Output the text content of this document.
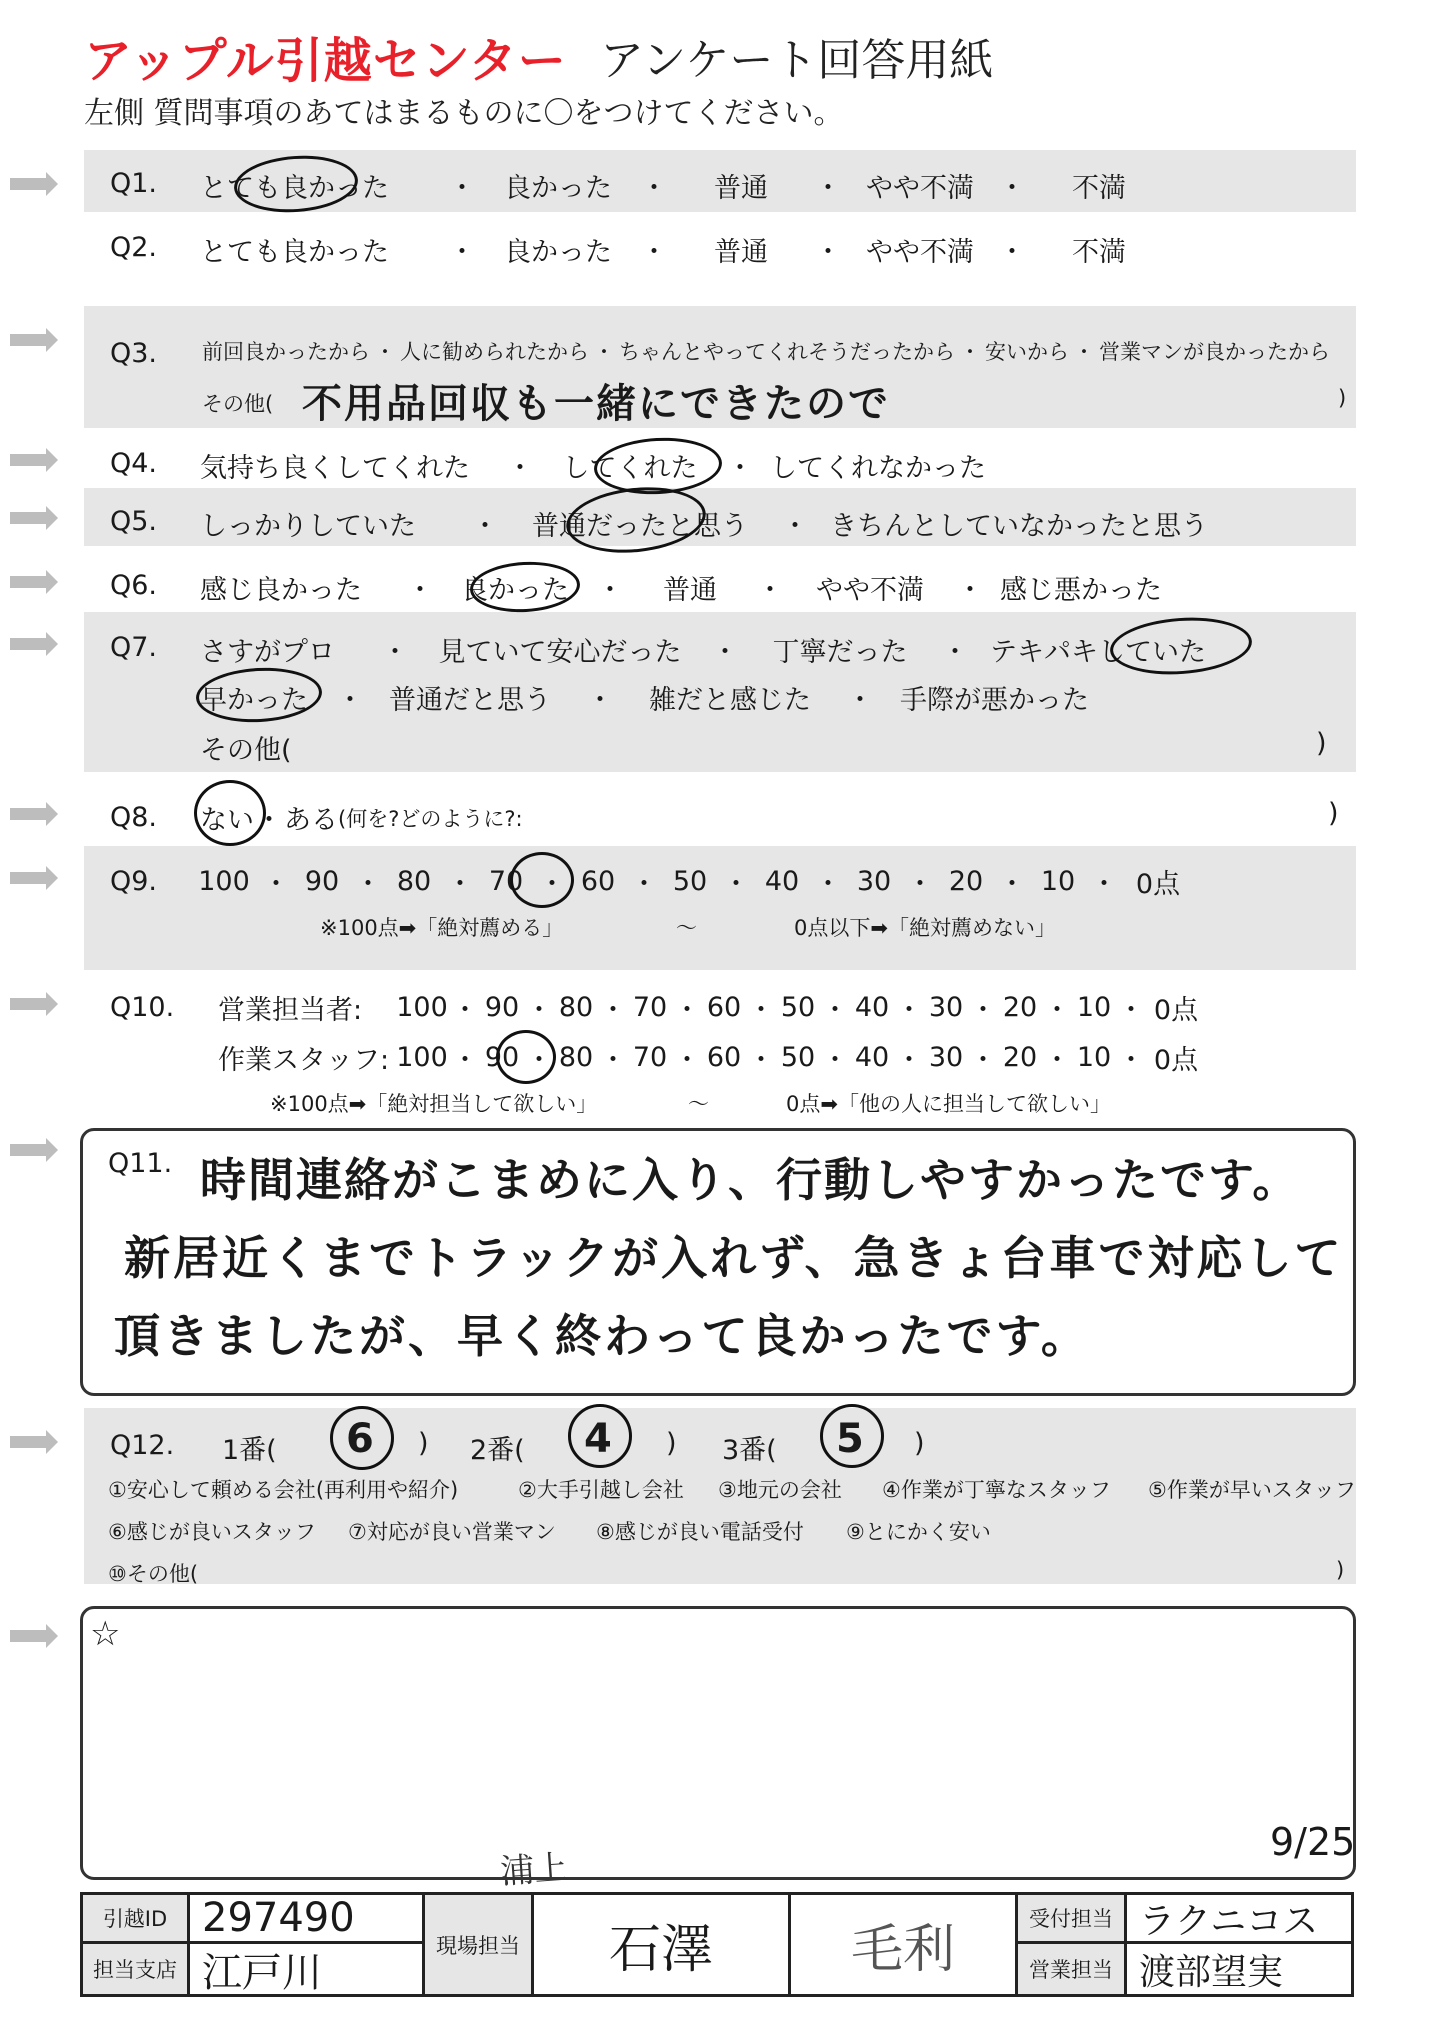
アップル引越センター アンケート回答用紙
左側 質問事項のあてはまるものに〇をつけてください。
Q1. とても良かった	・	良かった	・	普通	・ やや不満 ・	不満
Q2. とても良かった	・	良かった	・	普通	・ やや不満 ・	不満
Q3. 前回良かったから ・ 人に勧められたから ・ ちゃんとやってくれそうだったから ・ 安いから ・ 営業マンが良かったから
その他( 不用品回収も一緒にできたので	)
Q4. 気持ち良くしてくれた	・	してくれた	・ してくれなかった
Q5. しっかりしていた	・	普通だったと思う	・ きちんとしていなかったと思う
Q6. 感じ良かった	・	良かった	・	普通	・	やや不満	・ 感じ悪かった
Q7. さすがプロ	・	見ていて安心だった	・	丁寧だった	・ テキパキしていた
早かった	・ 普通だと思う	・	雑だと感じた	・ 手際が悪かった
その他(	)
Q8. ない ・ ある (何を?どのように?:	)
Q9. 100 ・ 90 ・ 80 ・ 70 ・ 60 ・ 50 ・ 40 ・ 30 ・ 20 ・ 10 ・ 0点
※100点➡「絶対薦める」	～	0点以下➡「絶対薦めない」
Q10. 営業担当者:	100 ・ 90 ・ 80 ・ 70 ・ 60 ・ 50 ・ 40 ・ 30 ・ 20 ・ 10 ・ 0点
作業スタッフ: 100 ・ 90 ・ 80 ・ 70 ・ 60 ・ 50 ・ 40 ・ 30 ・ 20 ・ 10 ・ 0点
※100点➡「絶対担当して欲しい」	～	0点➡「他の人に担当して欲しい」
Q11. 時間連絡がこまめに入り、行動しやすかったです。
新居近くまでトラックが入れず、急きょ台車で対応して
頂きましたが、早く終わって良かったです。
Q12. 1番( 6 ) 2番( 4 ) 3番( 5 )
①安心して頼める会社(再利用や紹介)	②大手引越し会社	③地元の会社	④作業が丁寧なスタッフ	⑤作業が早いスタッフ
⑥感じが良いスタッフ	⑦対応が良い営業マン	⑧感じが良い電話受付	⑨とにかく安い
⑩その他(	)
☆
9/25
浦上
引越ID 297490
担当支店 江戸川
現場担当	石澤	毛利
受付担当 ラクニコス
営業担当 渡部望実
